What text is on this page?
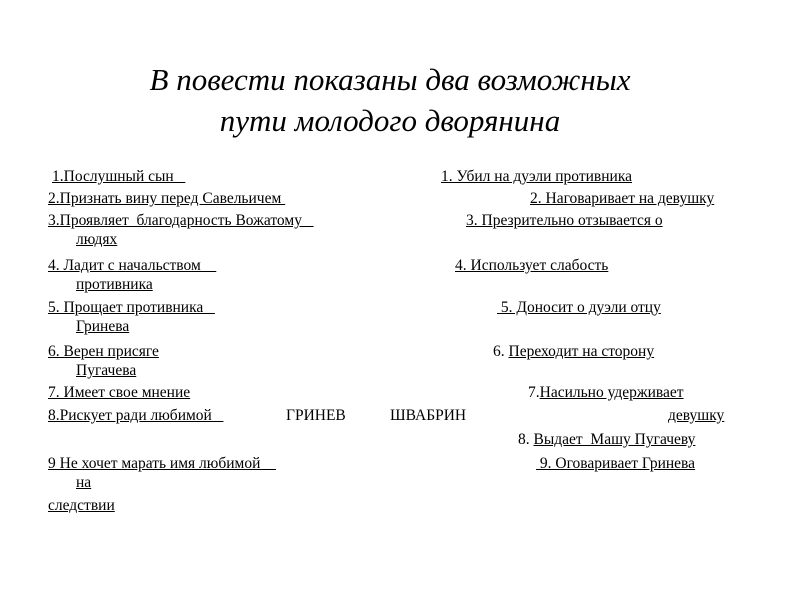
В повести показаны два возможных
пути молодого дворянина
1.Послушный сын
2.Признать вину перед Савельичем
3.Проявляет  благодарность Вожатому
людях
4. Ладит с начальством
противника
5. Прощает противника
Гринева
6. Верен присяге
Пугачева
7. Имеет свое мнение
8.Рискует ради любимой
9 Не хочет марать имя любимой
на
следствии
ГРИНЕВ	ШВАБРИН
1. Убил на дуэли противника
2. Наговаривает на девушку
3. Презрительно отзывается о
4. Использует слабость
5. Доносит о дуэли отцу
6. Переходит на сторону
7.Насильно удерживает
девушку
8. Выдает  Машу Пугачеву
9. Оговаривает Гринева
